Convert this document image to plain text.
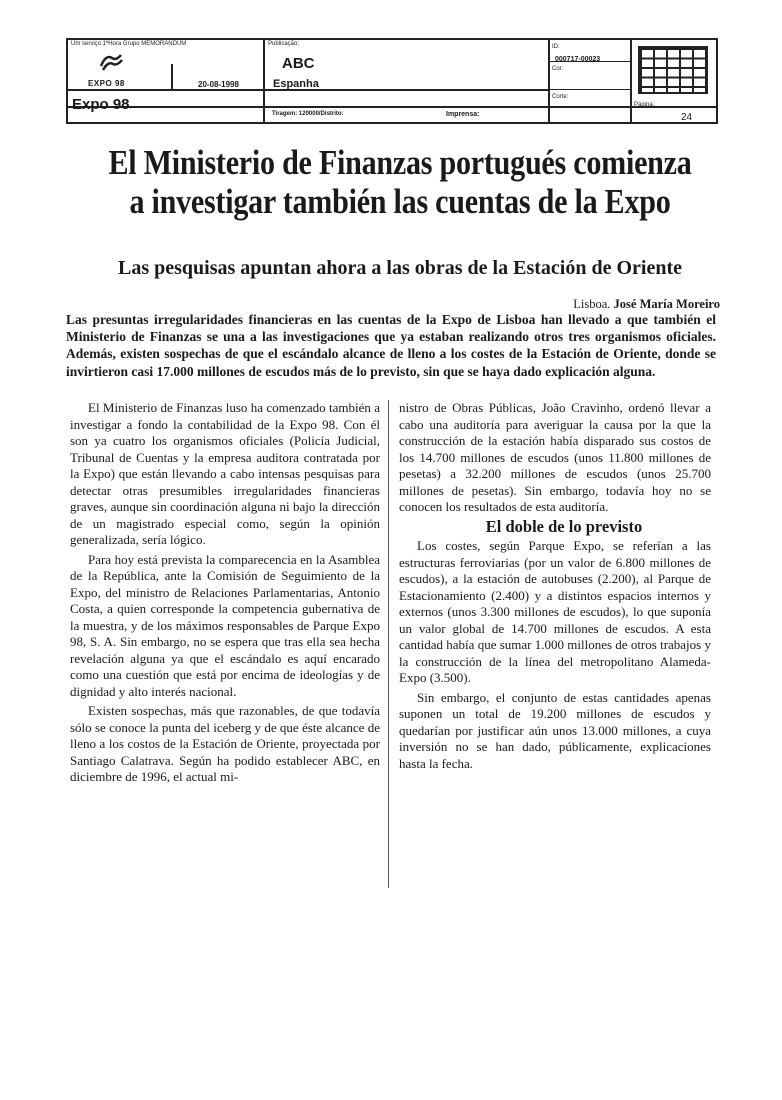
Um serviço 1ªHora Grupo MEMORANDUM
EXPO 98	20-08-1998
Expo 98
Publicação:
ABC
Espanha
Tiragem: 120000/Distrito:	Imprensa:
ID:
000717-00023
Cor:
Corte:
Página:
24
El Ministerio de Finanzas portugués comienza
a investigar también las cuentas de la Expo
Las pesquisas apuntan ahora a las obras de la Estación de Oriente
Lisboa. José María Moreiro
Las presuntas irregularidades financieras en las cuentas de la Expo de Lisboa han llevado a que también el Ministerio de Finanzas se una a las investigaciones que ya estaban realizando otros tres organismos oficiales. Además, existen sospechas de que el escándalo alcance de lleno a los costes de la Estación de Oriente, donde se invirtieron casi 17.000 millones de escudos más de lo previsto, sin que se haya dado explicación alguna.

El Ministerio de Finanzas luso ha comenzado también a investigar a fondo la contabilidad de la Expo 98. Con él son ya cuatro los organismos oficiales (Policía Judicial, Tribunal de Cuentas y la empresa auditora contratada por la Expo) que están llevando a cabo intensas pesquisas para detectar otras presumibles irregularidades financieras graves, aunque sin coordinación alguna ni bajo la dirección de un magistrado especial como, según la opinión generalizada, sería lógico.

Para hoy está prevista la comparecencia en la Asamblea de la República, ante la Comisión de Seguimiento de la Expo, del ministro de Relaciones Parlamentarias, Antonio Costa, a quien corresponde la competencia gubernativa de la muestra, y de los máximos responsables de Parque Expo 98, S. A. Sin embargo, no se espera que tras ella sea hecha revelación alguna ya que el escándalo es aquí encarado como una cuestión que está por encima de ideologías y de dignidad y alto interés nacional.

Existen sospechas, más que razonables, de que todavía sólo se conoce la punta del iceberg y de que éste alcance de lleno a los costos de la Estación de Oriente, proyectada por Santiago Calatrava. Según ha podido establecer ABC, en diciembre de 1996, el actual mi-

nistro de Obras Públicas, João Cravinho, ordenó llevar a cabo una auditoría para averiguar la causa por la que la construcción de la estación había disparado sus costos de los 14.700 millones de escudos (unos 11.800 millones de pesetas) a 32.200 millones de escudos (unos 25.700 millones de pesetas). Sin embargo, todavía hoy no se conocen los resultados de esta auditoría.

El doble de lo previsto

Los costes, según Parque Expo, se referían a las estructuras ferroviarias (por un valor de 6.800 millones de escudos), a la estación de autobuses (2.200), al Parque de Estacionamiento (2.400) y a distintos espacios internos y externos (unos 3.300 millones de escudos), lo que suponía un valor global de 14.700 millones de escudos. A esta cantidad había que sumar 1.000 millones de otros trabajos y la construcción de la línea del metropolitano Alameda-Expo (3.500).

Sin embargo, el conjunto de estas cantidades apenas suponen un total de 19.200 millones de escudos y quedarían por justificar aún unos 13.000 millones, a cuya inversión no se han dado, públicamente, explicaciones hasta la fecha.
